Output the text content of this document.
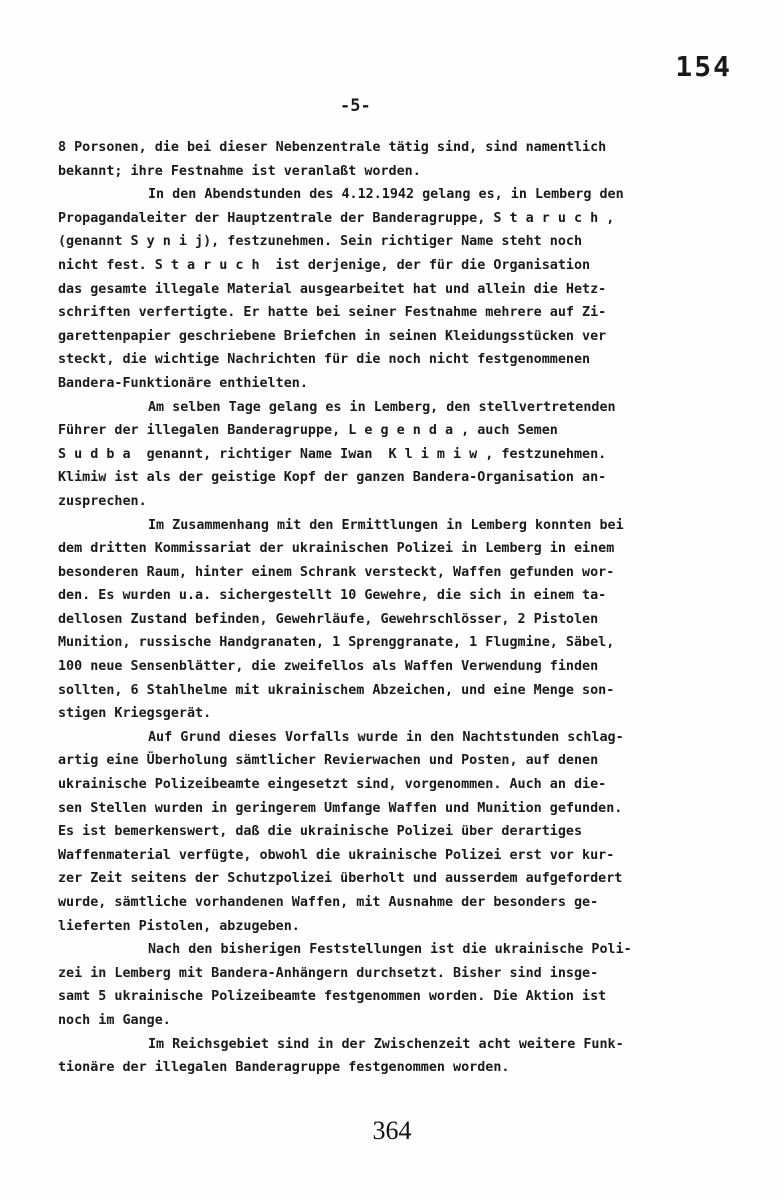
154
-5-
8 Porsonen, die bei dieser Nebenzentrale tätig sind, sind namentlich
bekannt; ihre Festnahme ist veranlaßt worden.
In den Abendstunden des 4.12.1942 gelang es, in Lemberg den
Propagandaleiter der Hauptzentrale der Banderagruppe, S t a r u c h ,
(genannt S y n i j), festzunehmen. Sein richtiger Name steht noch
nicht fest. S t a r u c h  ist derjenige, der für die Organisation
das gesamte illegale Material ausgearbeitet hat und allein die Hetz-
schriften verfertigte. Er hatte bei seiner Festnahme mehrere auf Zi-
garettenpapier geschriebene Briefchen in seinen Kleidungsstücken ver
steckt, die wichtige Nachrichten für die noch nicht festgenommenen
Bandera-Funktionäre enthielten.
Am selben Tage gelang es in Lemberg, den stellvertretenden
Führer der illegalen Banderagruppe, L e g e n d a , auch Semen
S u d b a  genannt, richtiger Name Iwan  K l i m i w , festzunehmen.
Klimiw ist als der geistige Kopf der ganzen Bandera-Organisation an-
zusprechen.
Im Zusammenhang mit den Ermittlungen in Lemberg konnten bei
dem dritten Kommissariat der ukrainischen Polizei in Lemberg in einem
besonderen Raum, hinter einem Schrank versteckt, Waffen gefunden wor-
den. Es wurden u.a. sichergestellt 10 Gewehre, die sich in einem ta-
dellosen Zustand befinden, Gewehrläufe, Gewehrschlösser, 2 Pistolen
Munition, russische Handgranaten, 1 Sprenggranate, 1 Flugmine, Säbel,
100 neue Sensenblätter, die zweifellos als Waffen Verwendung finden
sollten, 6 Stahlhelme mit ukrainischem Abzeichen, und eine Menge son-
stigen Kriegsgerät.
Auf Grund dieses Vorfalls wurde in den Nachtstunden schlag-
artig eine Überholung sämtlicher Revierwachen und Posten, auf denen
ukrainische Polizeibeamte eingesetzt sind, vorgenommen. Auch an die-
sen Stellen wurden in geringerem Umfange Waffen und Munition gefunden.
Es ist bemerkenswert, daß die ukrainische Polizei über derartiges
Waffenmaterial verfügte, obwohl die ukrainische Polizei erst vor kur-
zer Zeit seitens der Schutzpolizei überholt und ausserdem aufgefordert
wurde, sämtliche vorhandenen Waffen, mit Ausnahme der besonders ge-
lieferten Pistolen, abzugeben.
Nach den bisherigen Feststellungen ist die ukrainische Poli-
zei in Lemberg mit Bandera-Anhängern durchsetzt. Bisher sind insge-
samt 5 ukrainische Polizeibeamte festgenommen worden. Die Aktion ist
noch im Gange.
Im Reichsgebiet sind in der Zwischenzeit acht weitere Funk-
tionäre der illegalen Banderagruppe festgenommen worden.
364
